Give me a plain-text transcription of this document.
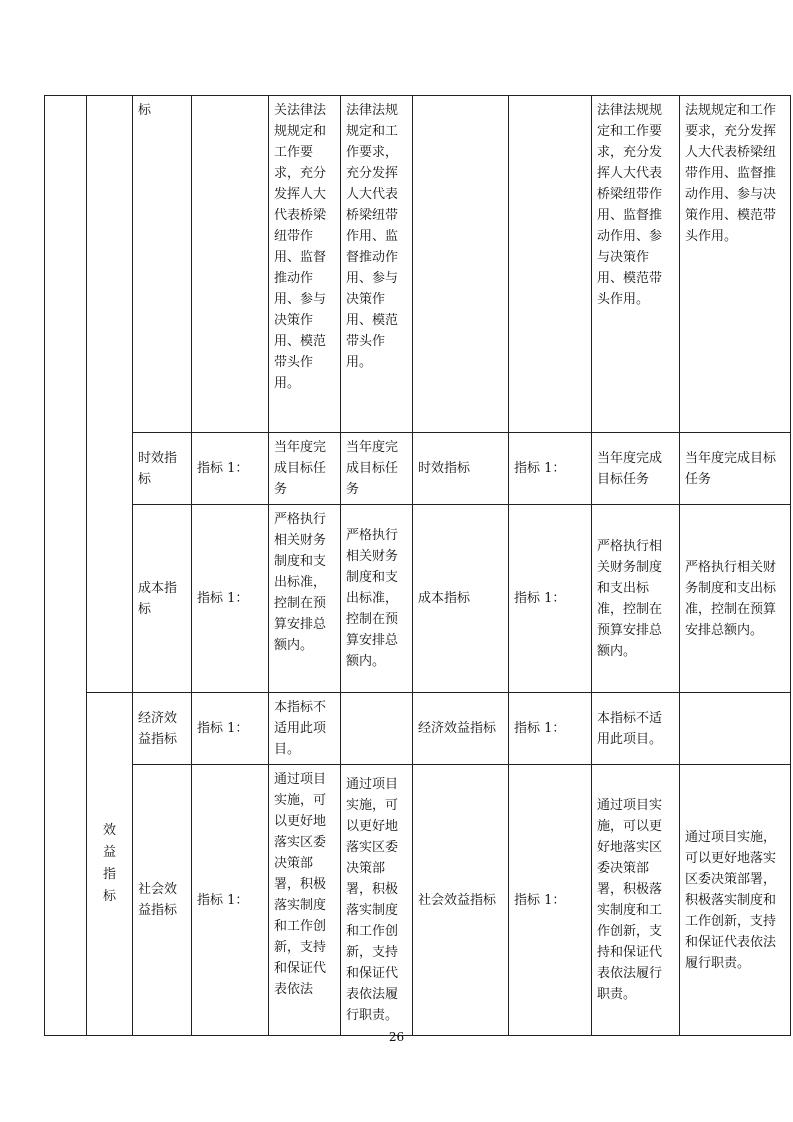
		标		关法律法规规定和工作要求，充分发挥人大代表桥梁纽带作用、监督推动作用、参与决策作用、模范带头作用。	法律法规规定和工作要求，充分发挥人大代表桥梁纽带作用、监督推动作用、参与决策作用、模范带头作用。			法律法规规定和工作要求，充分发挥人大代表桥梁纽带作用、监督推动作用、参与决策作用、模范带头作用。	法规规定和工作要求，充分发挥人大代表桥梁纽带作用、监督推动作用、参与决策作用、模范带头作用。
		时效指标	指标 1：	当年度完成目标任务	当年度完成目标任务	时效指标	指标 1：	当年度完成目标任务	当年度完成目标任务
		成本指标	指标 1：	严格执行相关财务制度和支出标准，控制在预算安排总额内。	严格执行相关财务制度和支出标准，控制在预算安排总额内。	成本指标	指标 1：	严格执行相关财务制度和支出标准，控制在预算安排总额内。	严格执行相关财务制度和支出标准，控制在预算安排总额内。

	效益指标	经济效益指标	指标 1：	本指标不适用此项目。		经济效益指标	指标 1：	本指标不适用此项目。	
		社会效益指标	指标 1：	通过项目实施，可以更好地落实区委决策部署，积极落实制度和工作创新，支持和保证代表依法	通过项目实施，可以更好地落实区委决策部署，积极落实制度和工作创新，支持和保证代表依法履行职责。	社会效益指标	指标 1：	通过项目实施，可以更好地落实区委决策部署，积极落实制度和工作创新，支持和保证代表依法履行职责。	通过项目实施，可以更好地落实区委决策部署，积极落实制度和工作创新，支持和保证代表依法履行职责。
26
